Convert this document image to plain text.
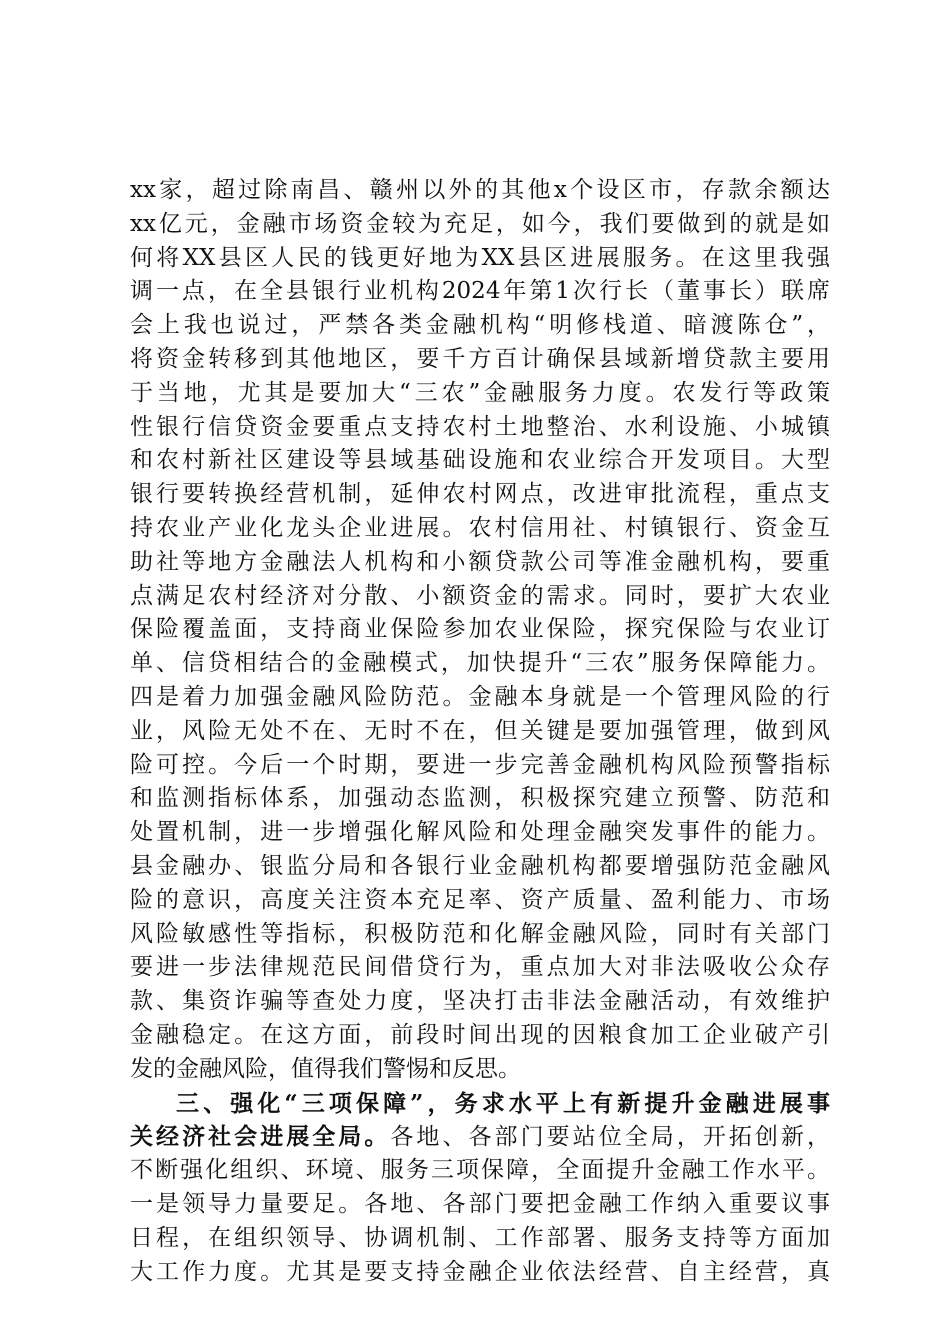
xx家，超过除南昌、赣州以外的其他x个设区市，存款余额达
xx亿元，金融市场资金较为充足，如今，我们要做到的就是如
何将XX县区人民的钱更好地为XX县区进展服务。在这里我强
调一点，在全县银行业机构2024年第1次行长（董事长）联席
会上我也说过，严禁各类金融机构“明修栈道、暗渡陈仓”，
将资金转移到其他地区，要千方百计确保县域新增贷款主要用
于当地，尤其是要加大“三农”金融服务力度。农发行等政策
性银行信贷资金要重点支持农村土地整治、水利设施、小城镇
和农村新社区建设等县域基础设施和农业综合开发项目。大型
银行要转换经营机制，延伸农村网点，改进审批流程，重点支
持农业产业化龙头企业进展。农村信用社、村镇银行、资金互
助社等地方金融法人机构和小额贷款公司等准金融机构，要重
点满足农村经济对分散、小额资金的需求。同时，要扩大农业
保险覆盖面，支持商业保险参加农业保险，探究保险与农业订
单、信贷相结合的金融模式，加快提升“三农”服务保障能力。
四是着力加强金融风险防范。金融本身就是一个管理风险的行
业，风险无处不在、无时不在，但关键是要加强管理，做到风
险可控。今后一个时期，要进一步完善金融机构风险预警指标
和监测指标体系，加强动态监测，积极探究建立预警、防范和
处置机制，进一步增强化解风险和处理金融突发事件的能力。
县金融办、银监分局和各银行业金融机构都要增强防范金融风
险的意识，高度关注资本充足率、资产质量、盈利能力、市场
风险敏感性等指标，积极防范和化解金融风险，同时有关部门
要进一步法律规范民间借贷行为，重点加大对非法吸收公众存
款、集资诈骗等查处力度，坚决打击非法金融活动，有效维护
金融稳定。在这方面，前段时间出现的因粮食加工企业破产引
发的金融风险，值得我们警惕和反思。
三、强化“三项保障”，务求水平上有新提升金融进展事
关经济社会进展全局。各地、各部门要站位全局，开拓创新，
不断强化组织、环境、服务三项保障，全面提升金融工作水平。
一是领导力量要足。各地、各部门要把金融工作纳入重要议事
日程，在组织领导、协调机制、工作部署、服务支持等方面加
大工作力度。尤其是要支持金融企业依法经营、自主经营，真
